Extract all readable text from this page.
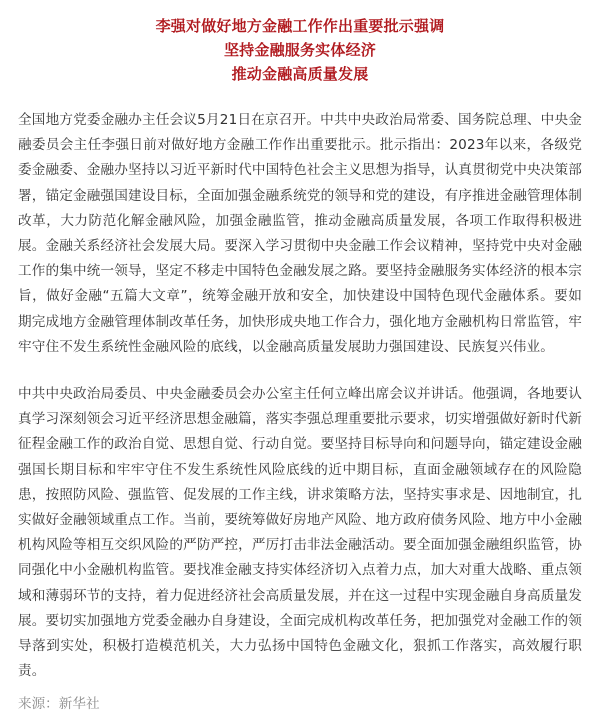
李强对做好地方金融工作作出重要批示强调
坚持金融服务实体经济
推动金融高质量发展

全国地方党委金融办主任会议5月21日在京召开。中共中央政治局常委、国务院总理、中央金融委员会主任李强日前对做好地方金融工作作出重要批示。批示指出：2023年以来，各级党委金融委、金融办坚持以习近平新时代中国特色社会主义思想为指导，认真贯彻党中央决策部署，锚定金融强国建设目标，全面加强金融系统党的领导和党的建设，有序推进金融管理体制改革，大力防范化解金融风险，加强金融监管，推动金融高质量发展，各项工作取得积极进展。金融关系经济社会发展大局。要深入学习贯彻中央金融工作会议精神，坚持党中央对金融工作的集中统一领导，坚定不移走中国特色金融发展之路。要坚持金融服务实体经济的根本宗旨，做好金融“五篇大文章”，统筹金融开放和安全，加快建设中国特色现代金融体系。要如期完成地方金融管理体制改革任务，加快形成央地工作合力，强化地方金融机构日常监管，牢牢守住不发生系统性金融风险的底线，以金融高质量发展助力强国建设、民族复兴伟业。

中共中央政治局委员、中央金融委员会办公室主任何立峰出席会议并讲话。他强调，各地要认真学习深刻领会习近平经济思想金融篇，落实李强总理重要批示要求，切实增强做好新时代新征程金融工作的政治自觉、思想自觉、行动自觉。要坚持目标导向和问题导向，锚定建设金融强国长期目标和牢牢守住不发生系统性风险底线的近中期目标，直面金融领域存在的风险隐患，按照防风险、强监管、促发展的工作主线，讲求策略方法，坚持实事求是、因地制宜，扎实做好金融领域重点工作。当前，要统筹做好房地产风险、地方政府债务风险、地方中小金融机构风险等相互交织风险的严防严控，严厉打击非法金融活动。要全面加强金融组织监管，协同强化中小金融机构监管。要找准金融支持实体经济切入点着力点，加大对重大战略、重点领域和薄弱环节的支持，着力促进经济社会高质量发展，并在这一过程中实现金融自身高质量发展。要切实加强地方党委金融办自身建设，全面完成机构改革任务，把加强党对金融工作的领导落到实处，积极打造模范机关，大力弘扬中国特色金融文化，狠抓工作落实，高效履行职责。

来源：新华社
